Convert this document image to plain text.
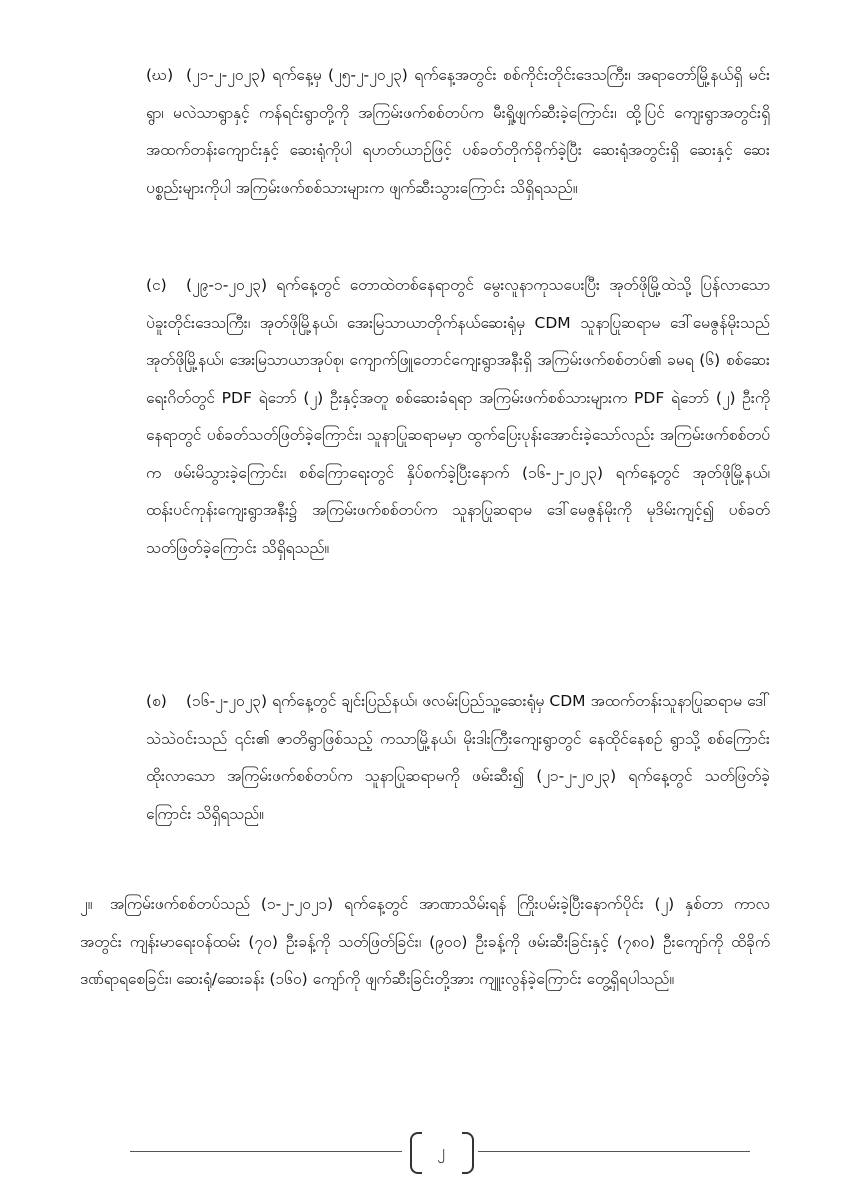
(ဃ) (၂၁-၂-၂၀၂၃) ရက်နေ့မှ (၂၅-၂-၂၀၂၃) ရက်နေ့အတွင်း စစ်ကိုင်းတိုင်းဒေသကြီး၊ အရာတော်မြို့နယ်ရှိ မင်းရွာ၊ မလဲသာရွာနှင့် ကန်ရင်းရွာတို့ကို အကြမ်းဖက်စစ်တပ်က မီးရှို့ဖျက်ဆီးခဲ့ကြောင်း၊ ထို့ပြင် ကျေးရွာအတွင်းရှိ အထက်တန်းကျောင်းနှင့် ဆေးရုံကိုပါ ရဟတ်ယာဉ်ဖြင့် ပစ်ခတ်တိုက်ခိုက်ခဲ့ပြီး ဆေးရုံအတွင်းရှိ ဆေးနှင့် ဆေးပစ္စည်းများကိုပါ အကြမ်းဖက်စစ်သားများက ဖျက်ဆီးသွားကြောင်း သိရှိရသည်။
(င)	(၂၉-၁-၂၀၂၃) ရက်နေ့တွင် တောထဲတစ်နေရာတွင် မွေးလူနာကုသပေးပြီး အုတ်ဖိုမြို့ထဲသို့ ပြန်လာသော ပဲခူးတိုင်းဒေသကြီး၊ အုတ်ဖိုမြို့နယ်၊ အေးမြသာယာတိုက်နယ်ဆေးရုံမှ CDM သူနာပြုဆရာမ ဒေါ်မေဇွန်မိုးသည် အုတ်ဖိုမြို့နယ်၊ အေးမြသာယာအုပ်စု၊ ကျောက်ဖြူတောင်ကျေးရွာအနီးရှိ အကြမ်းဖက်စစ်တပ်၏ ခမရ (၆) စစ်ဆေးရေးဂိတ်တွင် PDF ရဲဘော် (၂) ဦးနှင့်အတူ စစ်ဆေးခံရရာ အကြမ်းဖက်စစ်သားများက PDF ရဲဘော် (၂) ဦးကို နေရာတွင် ပစ်ခတ်သတ်ဖြတ်ခဲ့ကြောင်း၊ သူနာပြုဆရာမမှာ ထွက်ပြေးပုန်းအောင်းခဲ့သော်လည်း အကြမ်းဖက်စစ်တပ်က ဖမ်းမိသွားခဲ့ကြောင်း၊ စစ်ကြောရေးတွင် နှိပ်စက်ခဲ့ပြီးနောက် (၁၆-၂-၂၀၂၃) ရက်နေ့တွင် အုတ်ဖိုမြို့နယ်၊ ထန်းပင်ကုန်းကျေးရွာအနီး၌ အကြမ်းဖက်စစ်တပ်က သူနာပြုဆရာမ ဒေါ်မေဇွန်မိုးကို မုဒိမ်းကျင့်၍ ပစ်ခတ်သတ်ဖြတ်ခဲ့ကြောင်း သိရှိရသည်။
(စ)	(၁၆-၂-၂၀၂၃) ရက်နေ့တွင် ချင်းပြည်နယ်၊ ဖလမ်းပြည်သူ့ဆေးရုံမှ CDM အထက်တန်းသူနာပြုဆရာမ ဒေါ်သဲသဲဝင်းသည် ၎င်း၏ ဇာတိရွာဖြစ်သည့် ကသာမြို့နယ်၊ မိုးဒါးကြီးကျေးရွာတွင် နေထိုင်နေစဉ် ရွာသို့ စစ်ကြောင်းထိုးလာသော အကြမ်းဖက်စစ်တပ်က သူနာပြုဆရာမကို ဖမ်းဆီး၍ (၂၁-၂-၂၀၂၃) ရက်နေ့တွင် သတ်ဖြတ်ခဲ့ကြောင်း သိရှိရသည်။
၂။	အကြမ်းဖက်စစ်တပ်သည် (၁-၂-၂၀၂၁) ရက်နေ့တွင် အာဏာသိမ်းရန် ကြိုးပမ်းခဲ့ပြီးနောက်ပိုင်း (၂) နှစ်တာ ကာလအတွင်း ကျန်းမာရေးဝန်ထမ်း (၇၀) ဦးခန့်ကို သတ်ဖြတ်ခြင်း၊ (၉၀၀) ဦးခန့်ကို ဖမ်းဆီးခြင်းနှင့် (၇၈၀) ဦးကျော်ကို ထိခိုက်ဒဏ်ရာရစေခြင်း၊ ဆေးရုံ/ဆေးခန်း (၁၆၀) ကျော်ကို ဖျက်ဆီးခြင်းတို့အား ကျူးလွန်ခဲ့ကြောင်း တွေ့ရှိရပါသည်။
၂
